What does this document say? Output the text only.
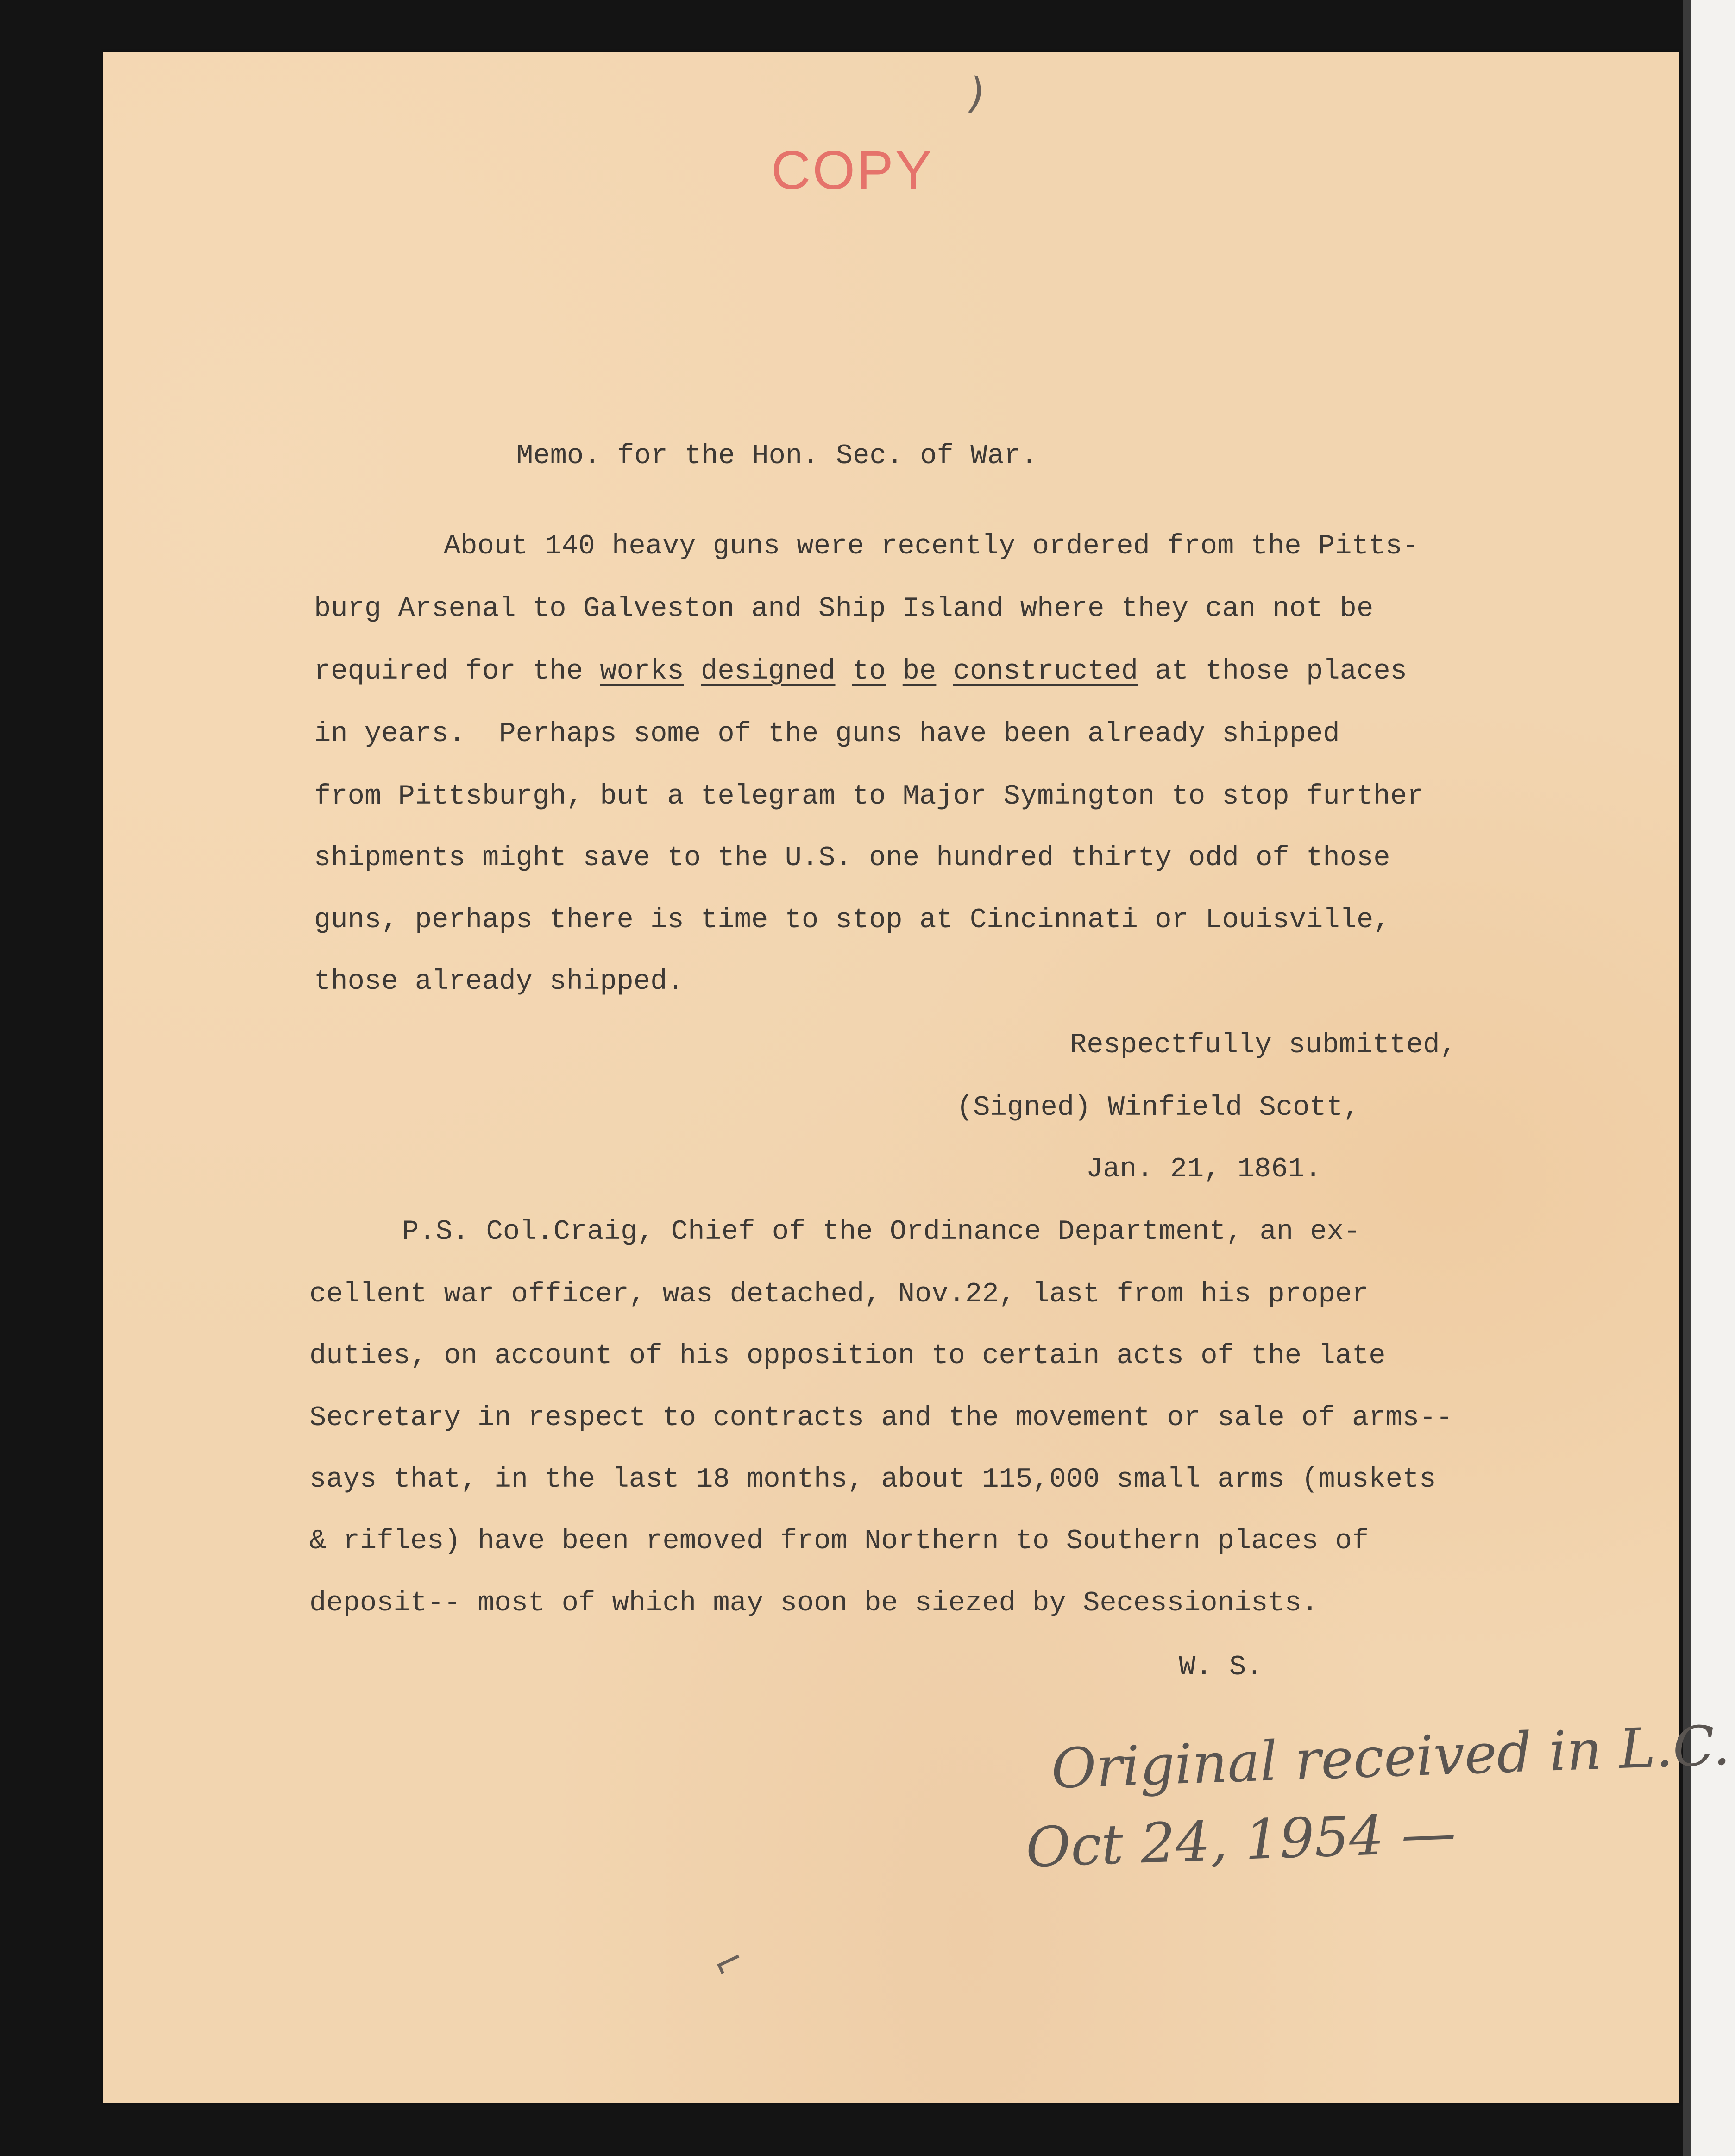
)
⌐

COPY

Memo. for the Hon. Sec. of War.

About 140 heavy guns were recently ordered from the Pitts-

burg Arsenal to Galveston and Ship Island where they can not be

required for the works designed to be constructed at those places

in years.  Perhaps some of the guns have been already shipped

from Pittsburgh, but a telegram to Major Symington to stop further

shipments might save to the U.S. one hundred thirty odd of those

guns, perhaps there is time to stop at Cincinnati or Louisville,

those already shipped.

Respectfully submitted,

(Signed) Winfield Scott,

Jan. 21, 1861.

P.S. Col.Craig, Chief of the Ordinance Department, an ex-

cellent war officer, was detached, Nov.22, last from his proper

duties, on account of his opposition to certain acts of the late

Secretary in respect to contracts and the movement or sale of arms--

says that, in the last 18 months, about 115,000 small arms (muskets

& rifles) have been removed from Northern to Southern places of

deposit-- most of which may soon be siezed by Secessionists.

W. S.

Original received in L.C.

Oct 24, 1954 —
